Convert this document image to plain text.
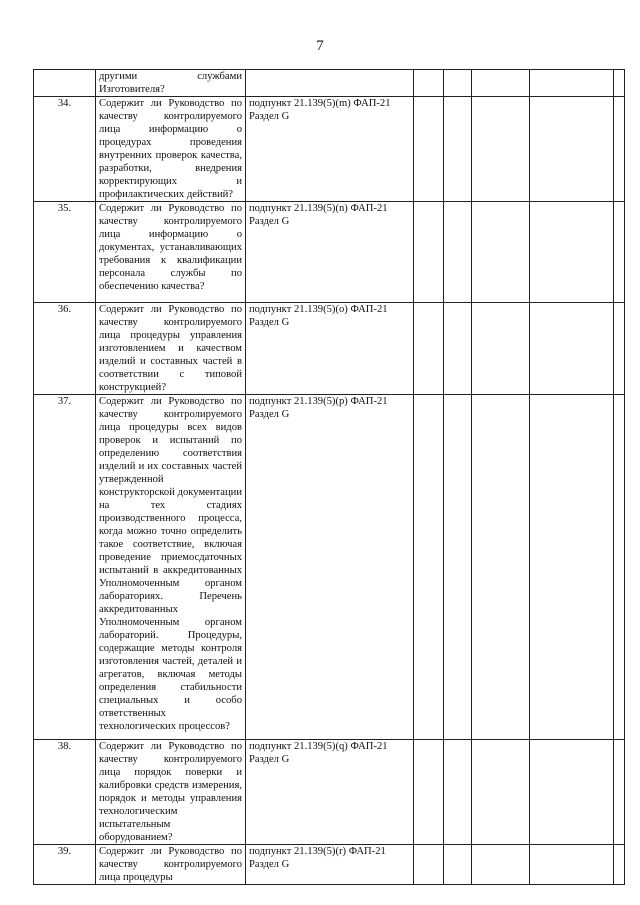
7
	другими службами Изготовителя?	

34.	Содержит ли Руководство по качеству контролируемого лица информацию о процедурах проведения внутренних проверок качества, разработки, внедрения корректирующих и профилактических действий?	подпункт 21.139(5)(m) ФАП-21
Раздел G					

35.	Содержит ли Руководство по качеству контролируемого лица информацию о документах, устанавливающих требования к квалификации персонала службы по обеспечению качества?	подпункт 21.139(5)(n) ФАП-21
Раздел G					

36.	Содержит ли Руководство по качеству контролируемого лица процедуры управления изготовлением и качеством изделий и составных частей в соответствии с типовой конструкцией?	подпункт 21.139(5)(o) ФАП-21
Раздел G					

37.	Содержит ли Руководство по качеству контролируемого лица процедуры всех видов проверок и испытаний по определению соответствия изделий и их составных частей утвержденной конструкторской документации на тех стадиях производственного процесса, когда можно точно определить такое соответствие, включая проведение приемосдаточных испытаний в аккредитованных Уполномоченным органом лабораториях. Перечень аккредитованных Уполномоченным органом лабораторий. Процедуры, содержащие методы контроля изготовления частей, деталей и агрегатов, включая методы определения стабильности специальных и особо ответственных технологических процессов?	подпункт 21.139(5)(p) ФАП-21
Раздел G					

38.	Содержит ли Руководство по качеству контролируемого лица порядок поверки и калибровки средств измерения, порядок и методы управления технологическим испытательным оборудованием?	подпункт 21.139(5)(q) ФАП-21
Раздел G					

39.	Содержит ли Руководство по качеству контролируемого лица процедуры	подпункт 21.139(5)(r) ФАП-21
Раздел G					
